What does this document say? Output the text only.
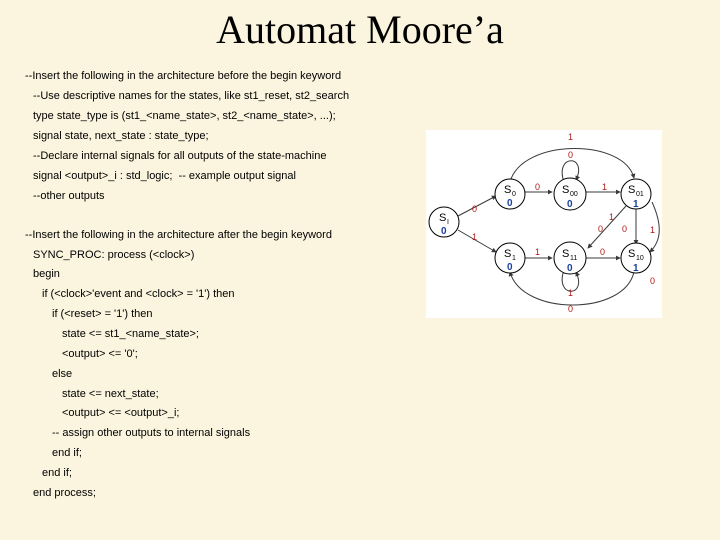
Automat Moore’a
--Insert the following in the architecture before the begin keyword
--Use descriptive names for the states, like st1_reset, st2_search
type state_type is (st1_<name_state>, st2_<name_state>, ...);
signal state, next_state : state_type;
--Declare internal signals for all outputs of the state-machine
signal <output>_i : std_logic;  -- example output signal
--other outputs
--Insert the following in the architecture after the begin keyword
SYNC_PROC: process (<clock>)
begin
if (<clock>'event and <clock> = '1') then
if (<reset> = '1') then
state <= st1_<name_state>;
<output> <= '0';
else
state <= next_state;
<output> <= <output>_i;
-- assign other outputs to internal signals
end if;
end if;
end process;
S I
0
S 0
0
S 00
0
S 01
1
S 1
0
S 11
0
S 10
1
1
0
0	1
0
1
1
0
0	1
1	0
1
0
0
